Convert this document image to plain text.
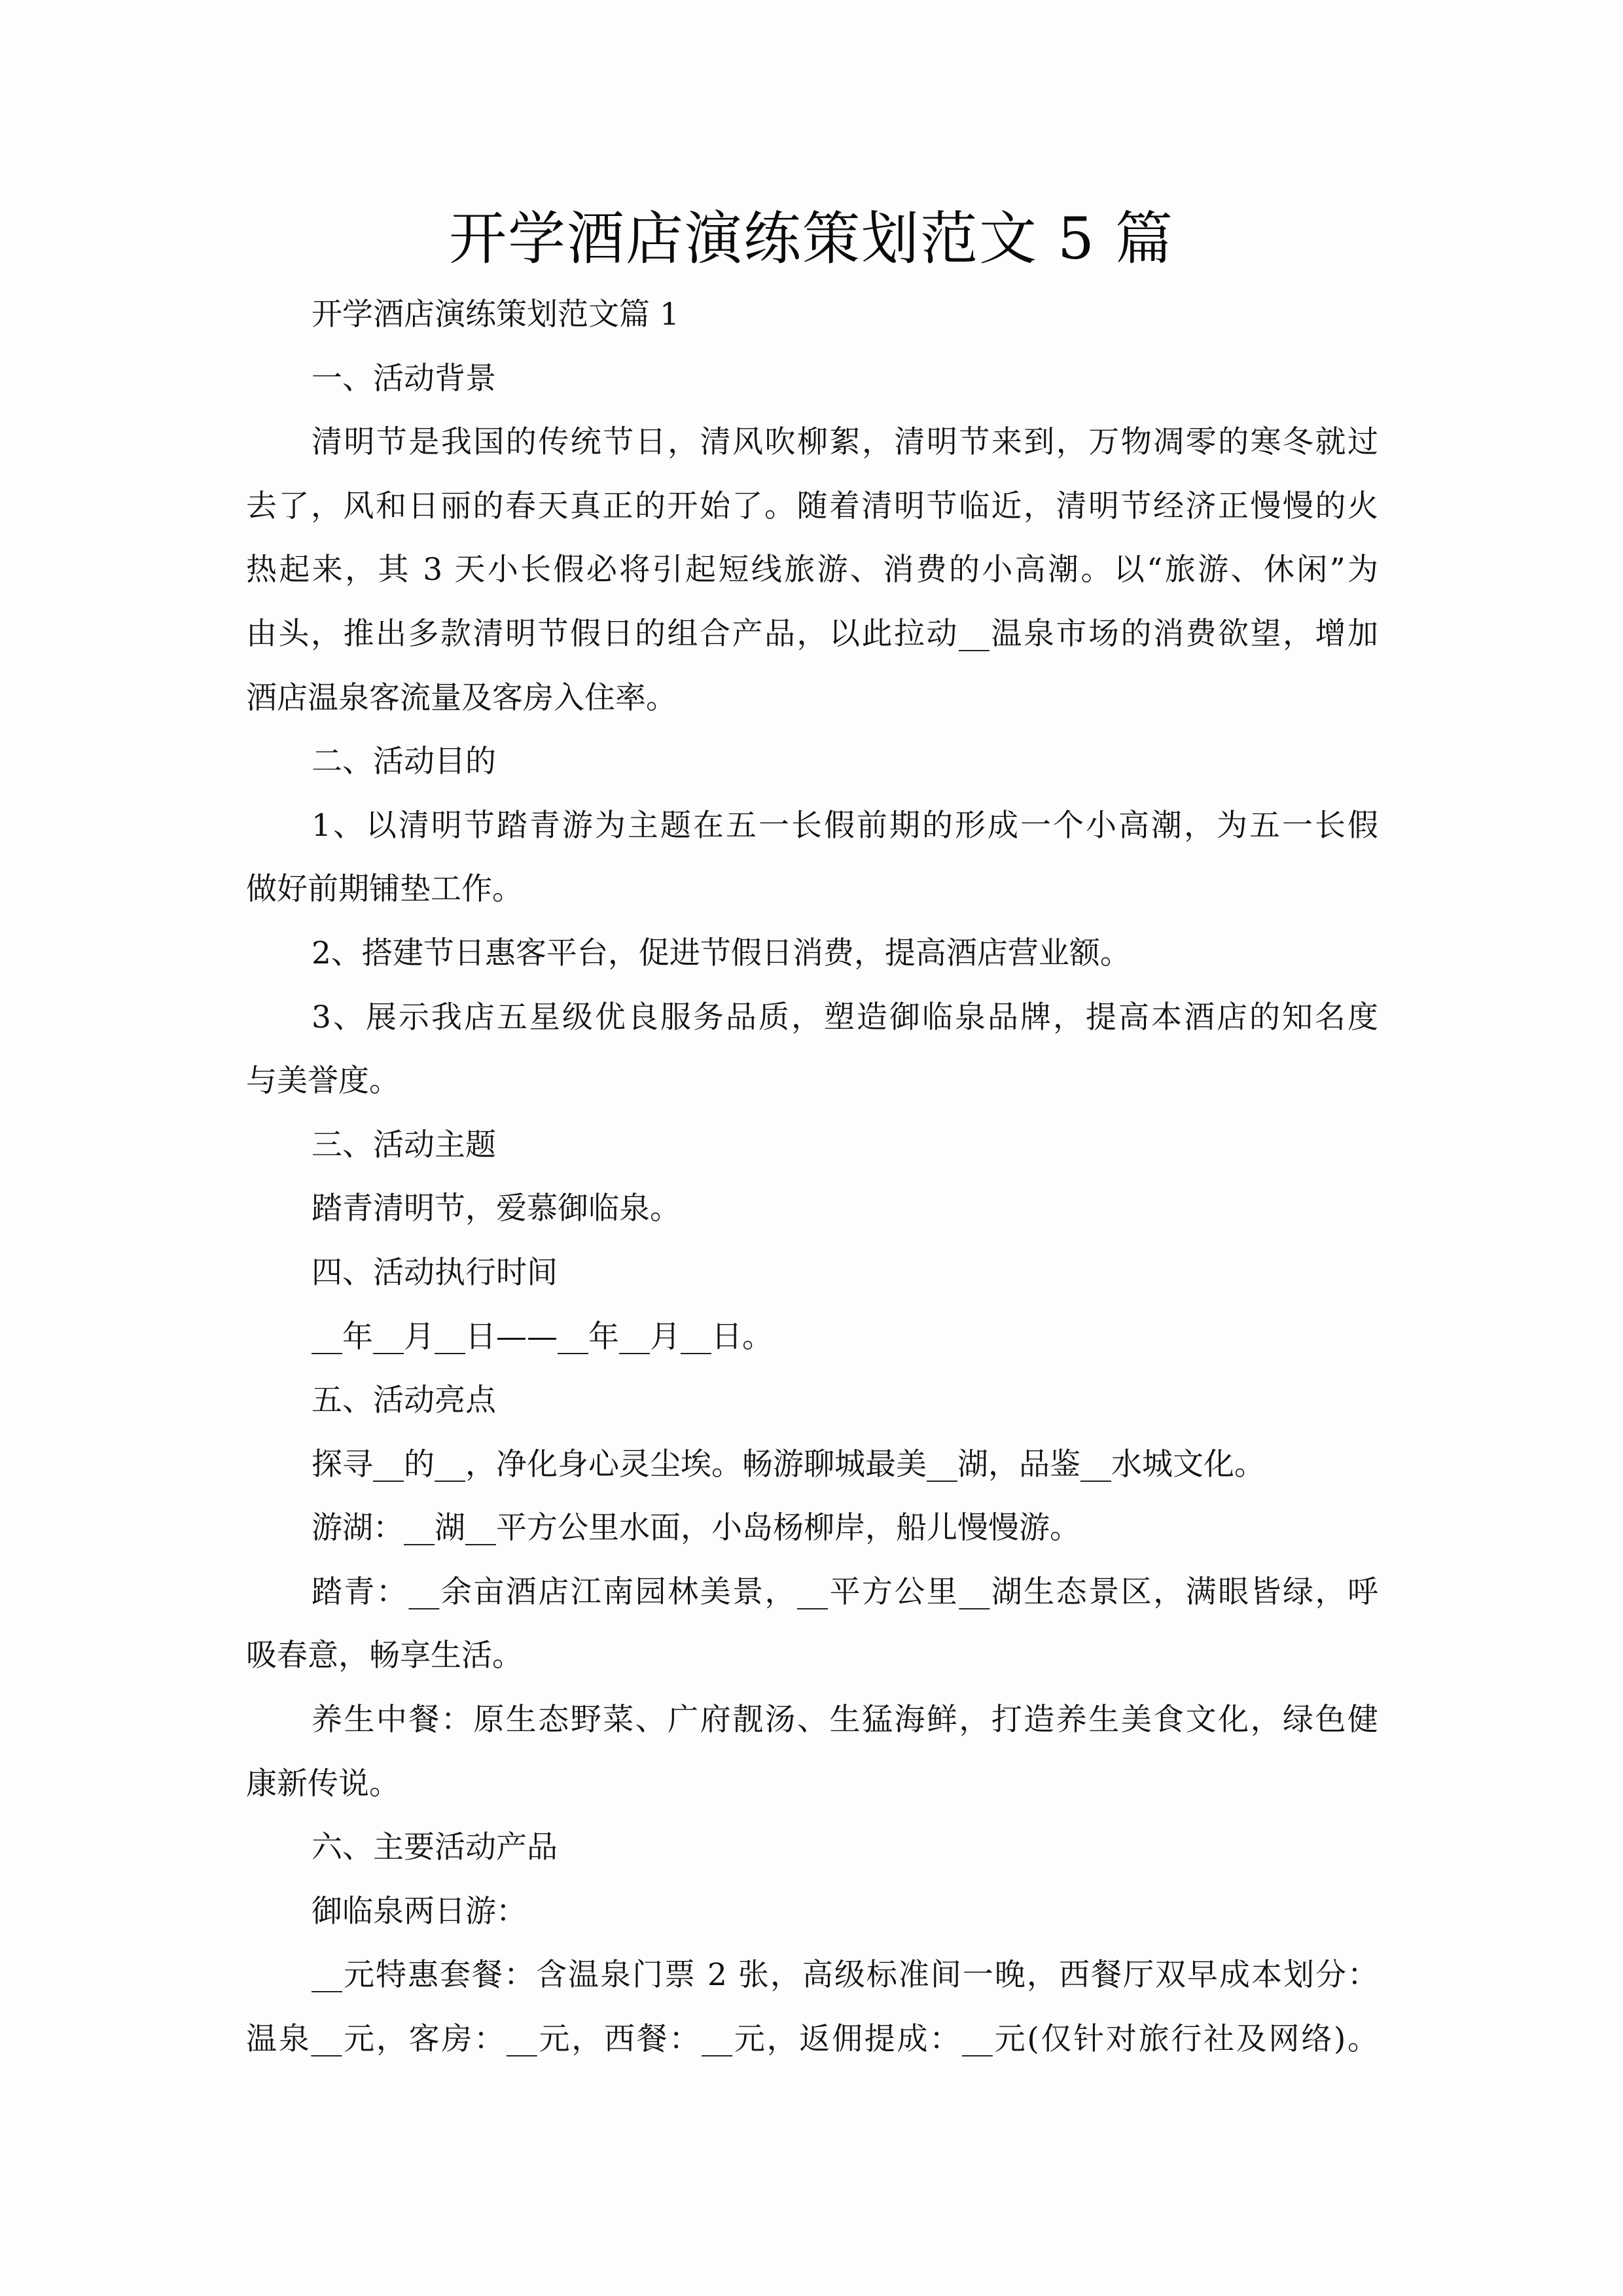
开学酒店演练策划范文 5 篇
开学酒店演练策划范文篇 1
一、活动背景
清明节是我国的传统节日，清风吹柳絮，清明节来到，万物凋零的寒冬就过
去了，风和日丽的春天真正的开始了。随着清明节临近，清明节经济正慢慢的火
热起来，其 3 天小长假必将引起短线旅游、消费的小高潮。以“旅游、休闲”为
由头，推出多款清明节假日的组合产品，以此拉动__温泉市场的消费欲望，增加
酒店温泉客流量及客房入住率。
二、活动目的
1、以清明节踏青游为主题在五一长假前期的形成一个小高潮，为五一长假
做好前期铺垫工作。
2、搭建节日惠客平台，促进节假日消费，提高酒店营业额。
3、展示我店五星级优良服务品质，塑造御临泉品牌，提高本酒店的知名度
与美誉度。
三、活动主题
踏青清明节，爱慕御临泉。
四、活动执行时间
__年__月__日——__年__月__日。
五、活动亮点
探寻__的__，净化身心灵尘埃。畅游聊城最美__湖，品鉴__水城文化。
游湖：__湖__平方公里水面，小岛杨柳岸，船儿慢慢游。
踏青：__余亩酒店江南园林美景，__平方公里__湖生态景区，满眼皆绿，呼
吸春意，畅享生活。
养生中餐：原生态野菜、广府靓汤、生猛海鲜，打造养生美食文化，绿色健
康新传说。
六、主要活动产品
御临泉两日游：
__元特惠套餐：含温泉门票 2 张，高级标准间一晚，西餐厅双早成本划分：
温泉__元，客房：__元，西餐：__元，返佣提成：__元(仅针对旅行社及网络)。
